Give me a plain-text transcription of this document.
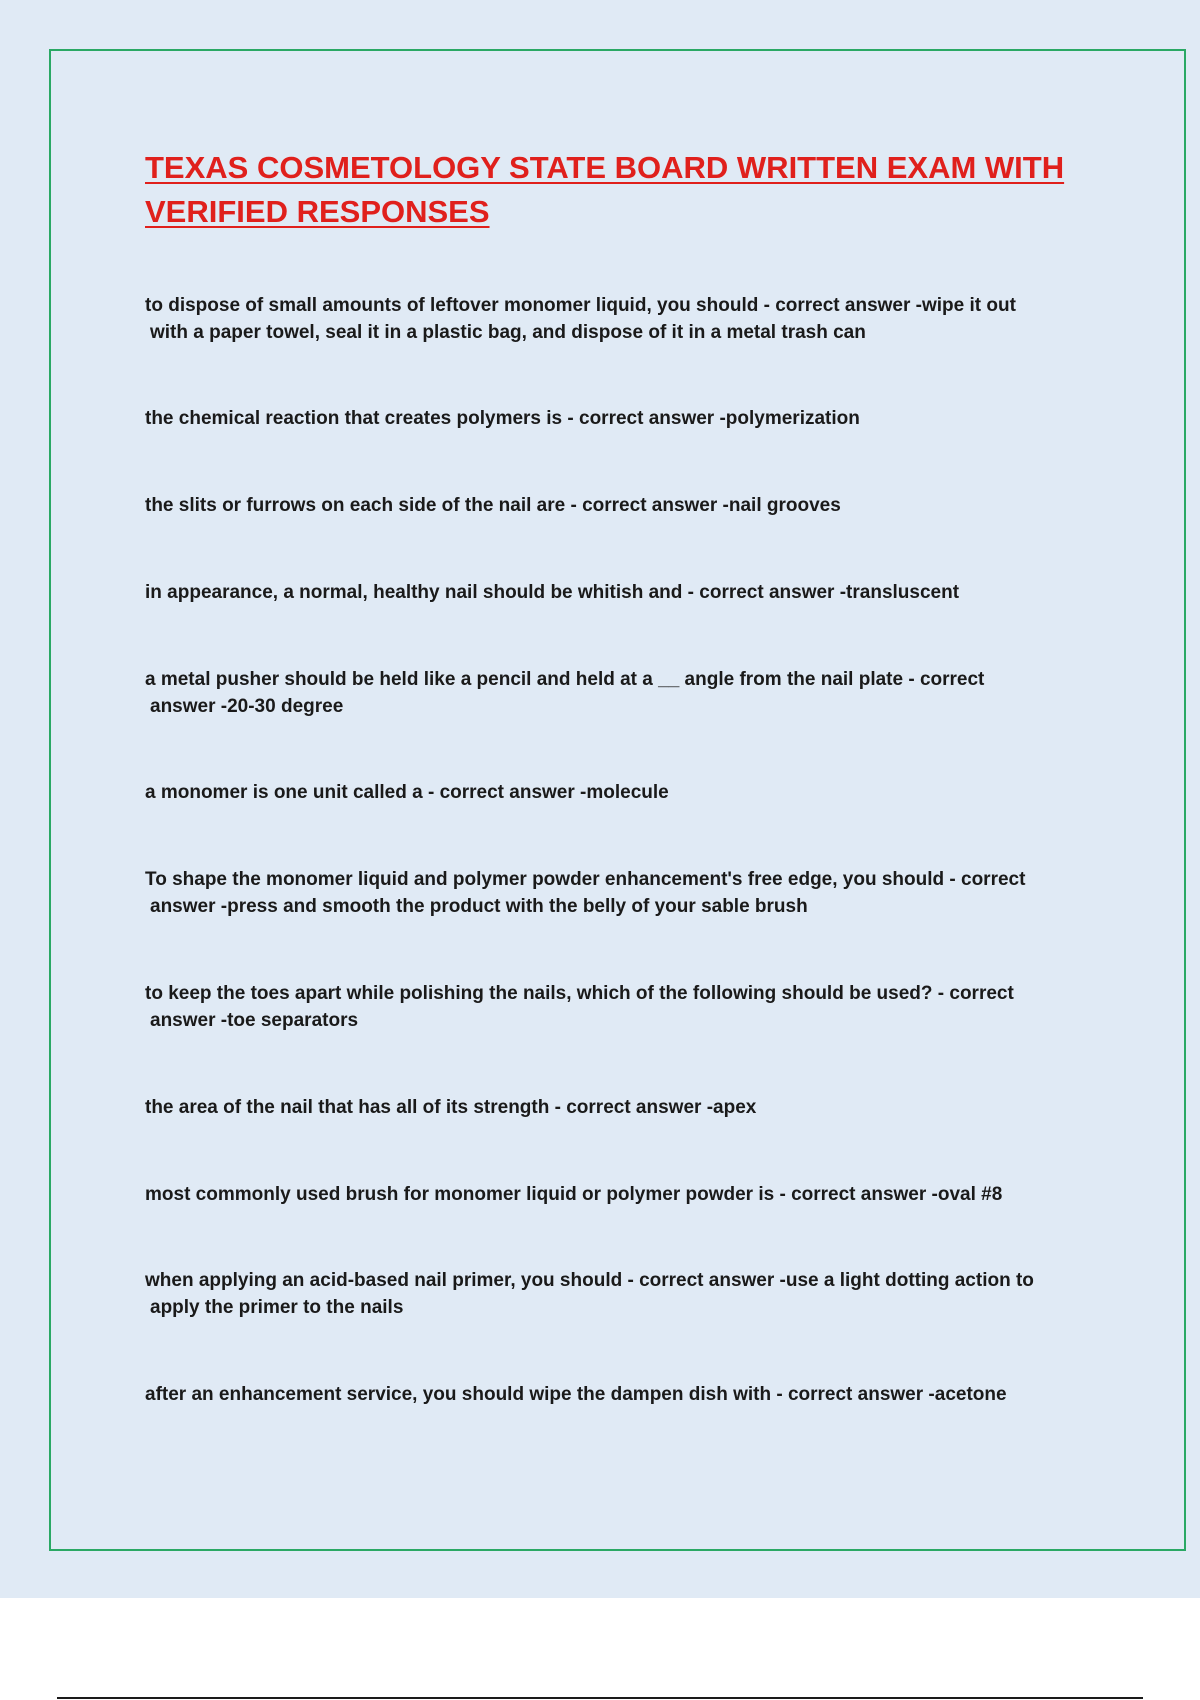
TEXAS COSMETOLOGY STATE BOARD WRITTEN EXAM WITH
VERIFIED RESPONSES

to dispose of small amounts of leftover monomer liquid, you should - correct answer -wipe it out
with a paper towel, seal it in a plastic bag, and dispose of it in a metal trash can

the chemical reaction that creates polymers is - correct answer -polymerization

the slits or furrows on each side of the nail are - correct answer -nail grooves

in appearance, a normal, healthy nail should be whitish and - correct answer -transluscent

a metal pusher should be held like a pencil and held at a __ angle from the nail plate - correct
answer -20-30 degree

a monomer is one unit called a - correct answer -molecule

To shape the monomer liquid and polymer powder enhancement's free edge, you should - correct
answer -press and smooth the product with the belly of your sable brush

to keep the toes apart while polishing the nails, which of the following should be used? - correct
answer -toe separators

the area of the nail that has all of its strength - correct answer -apex

most commonly used brush for monomer liquid or polymer powder is - correct answer -oval #8

when applying an acid-based nail primer, you should - correct answer -use a light dotting action to
apply the primer to the nails

after an enhancement service, you should wipe the dampen dish with - correct answer -acetone
